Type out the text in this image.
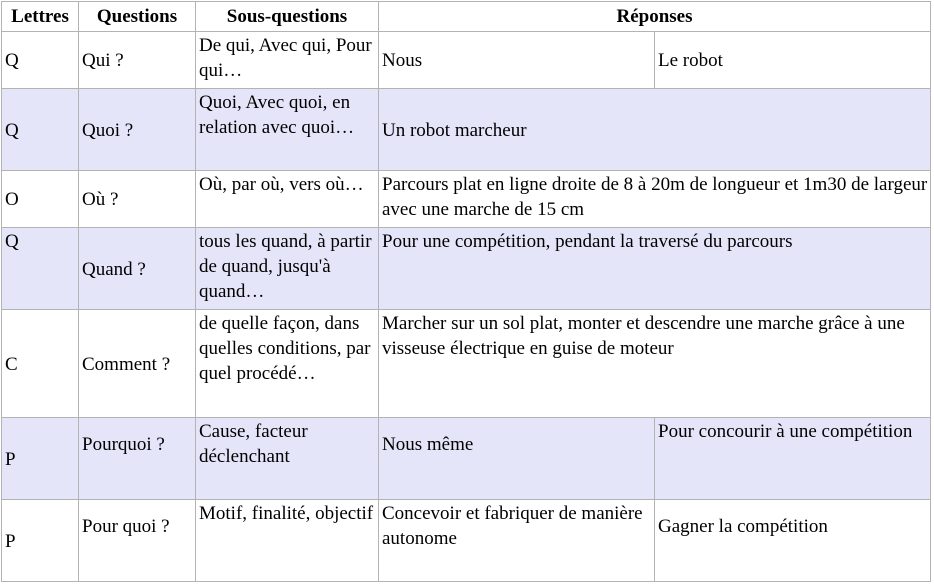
Lettres	Questions	Sous-questions	Réponses	
Q	Qui ?	De qui, Avec qui, Pour qui…	Nous	Le robot
Q	Quoi ?	Quoi, Avec quoi, en relation avec quoi…	Un robot marcheur	
O	Où ?	Où, par où, vers où…	Parcours plat en ligne droite de 8 à 20m de longueur et 1m30 de largeur avec une marche de 15 cm	
Q	Quand ?	tous les quand, à partir de quand, jusqu'à quand…	Pour une compétition, pendant la traversé du parcours	
C	Comment ?	de quelle façon, dans quelles conditions, par quel procédé…	Marcher sur un sol plat, monter et descendre une marche grâce à une visseuse électrique en guise de moteur	
P	Pourquoi ?	Cause, facteur déclenchant	Nous même	Pour concourir à une compétition
P	Pour quoi ?	Motif, finalité, objectif	Concevoir et fabriquer de manière autonome	Gagner la compétition
